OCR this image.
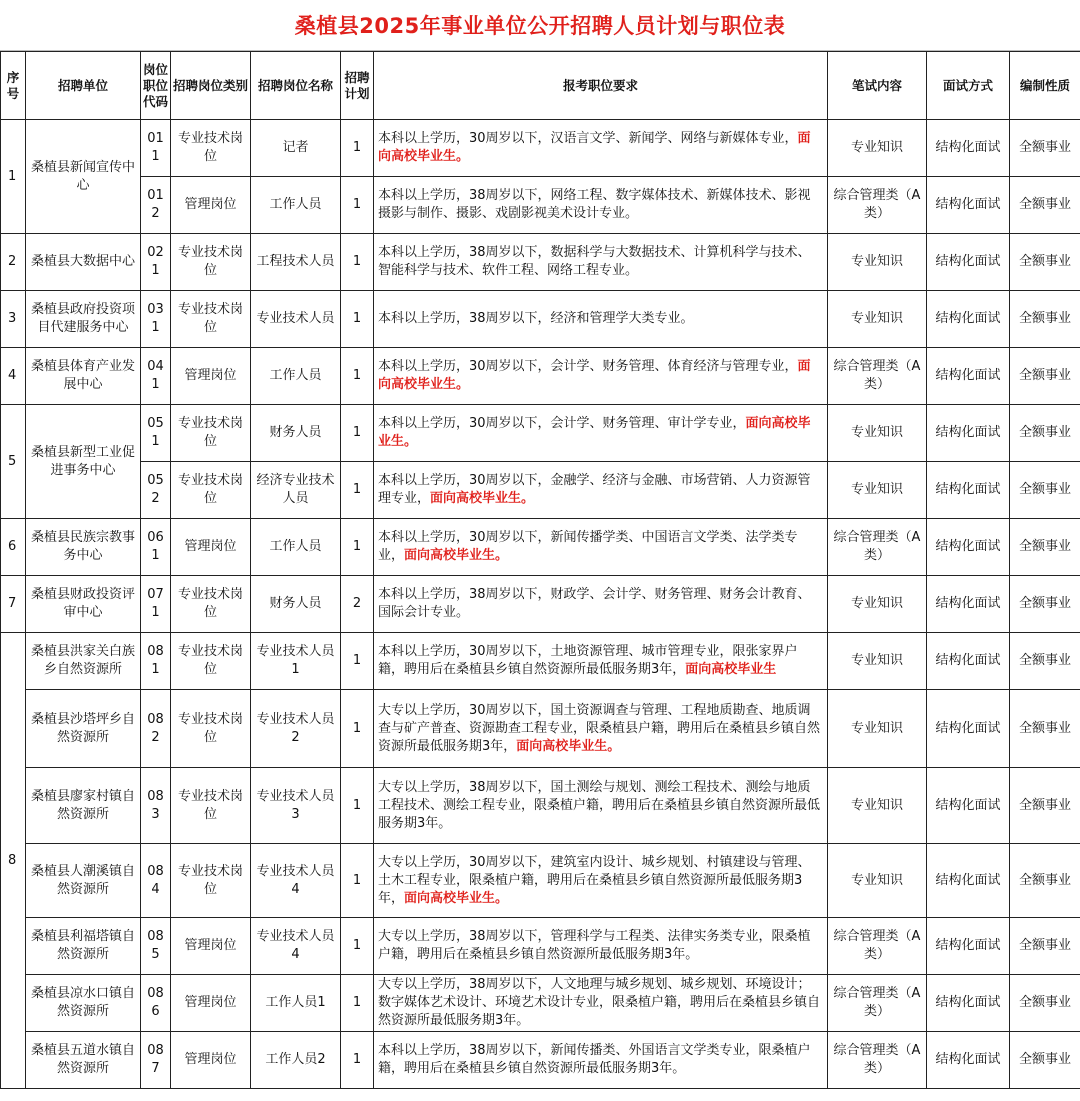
桑植县2025年事业单位公开招聘人员计划与职位表
序号	招聘单位	岗位职位代码	招聘岗位类别	招聘岗位名称	招聘计划	报考职位要求	笔试内容	面试方式	编制性质
1	桑植县新闻宣传中心	011	专业技术岗位	记者	1	本科以上学历，30周岁以下，汉语言文学、新闻学、网络与新媒体专业，面向高校毕业生。	专业知识	结构化面试	全额事业
		012	管理岗位	工作人员	1	本科以上学历，38周岁以下，网络工程、数字媒体技术、新媒体技术、影视摄影与制作、摄影、戏剧影视美术设计专业。	综合管理类（A类）	结构化面试	全额事业
2	桑植县大数据中心	021	专业技术岗位	工程技术人员	1	本科以上学历，38周岁以下，数据科学与大数据技术、计算机科学与技术、智能科学与技术、软件工程、网络工程专业。	专业知识	结构化面试	全额事业
3	桑植县政府投资项目代建服务中心	031	专业技术岗位	专业技术人员	1	本科以上学历，38周岁以下，经济和管理学大类专业。	专业知识	结构化面试	全额事业
4	桑植县体育产业发展中心	041	管理岗位	工作人员	1	本科以上学历，30周岁以下，会计学、财务管理、体育经济与管理专业，面向高校毕业生。	综合管理类（A类）	结构化面试	全额事业
5	桑植县新型工业促进事务中心	051	专业技术岗位	财务人员	1	本科以上学历，30周岁以下，会计学、财务管理、审计学专业，面向高校毕业生。	专业知识	结构化面试	全额事业
		052	专业技术岗位	经济专业技术人员	1	本科以上学历，30周岁以下，金融学、经济与金融、市场营销、人力资源管理专业，面向高校毕业生。	专业知识	结构化面试	全额事业
6	桑植县民族宗教事务中心	061	管理岗位	工作人员	1	本科以上学历，30周岁以下，新闻传播学类、中国语言文学类、法学类专业，面向高校毕业生。	综合管理类（A类）	结构化面试	全额事业
7	桑植县财政投资评审中心	071	专业技术岗位	财务人员	2	本科以上学历，38周岁以下，财政学、会计学、财务管理、财务会计教育、国际会计专业。	专业知识	结构化面试	全额事业
8	桑植县洪家关白族乡自然资源所	081	专业技术岗位	专业技术人员1	1	本科以上学历，30周岁以下，土地资源管理、城市管理专业，限张家界户籍，聘用后在桑植县乡镇自然资源所最低服务期3年，面向高校毕业生	专业知识	结构化面试	全额事业
	桑植县沙塔坪乡自然资源所	082	专业技术岗位	专业技术人员2	1	大专以上学历，30周岁以下，国土资源调查与管理、工程地质勘查、地质调查与矿产普查、资源勘查工程专业，限桑植县户籍，聘用后在桑植县乡镇自然资源所最低服务期3年，面向高校毕业生。	专业知识	结构化面试	全额事业
	桑植县廖家村镇自然资源所	083	专业技术岗位	专业技术人员3	1	大专以上学历，38周岁以下，国土测绘与规划、测绘工程技术、测绘与地质工程技术、测绘工程专业，限桑植户籍，聘用后在桑植县乡镇自然资源所最低服务期3年。	专业知识	结构化面试	全额事业
	桑植县人潮溪镇自然资源所	084	专业技术岗位	专业技术人员4	1	大专以上学历，30周岁以下，建筑室内设计、城乡规划、村镇建设与管理、土木工程专业，限桑植户籍，聘用后在桑植县乡镇自然资源所最低服务期3年，面向高校毕业生。	专业知识	结构化面试	全额事业
	桑植县利福塔镇自然资源所	085	管理岗位	专业技术人员4	1	大专以上学历，38周岁以下，管理科学与工程类、法律实务类专业，限桑植户籍，聘用后在桑植县乡镇自然资源所最低服务期3年。	综合管理类（A类）	结构化面试	全额事业
	桑植县凉水口镇自然资源所	086	管理岗位	工作人员1	1	大专以上学历，38周岁以下，人文地理与城乡规划、城乡规划、环境设计；数字媒体艺术设计、环境艺术设计专业，限桑植户籍，聘用后在桑植县乡镇自然资源所最低服务期3年。	综合管理类（A类）	结构化面试	全额事业
	桑植县五道水镇自然资源所	087	管理岗位	工作人员2	1	本科以上学历，38周岁以下，新闻传播类、外国语言文学类专业，限桑植户籍，聘用后在桑植县乡镇自然资源所最低服务期3年。	综合管理类（A类）	结构化面试	全额事业
